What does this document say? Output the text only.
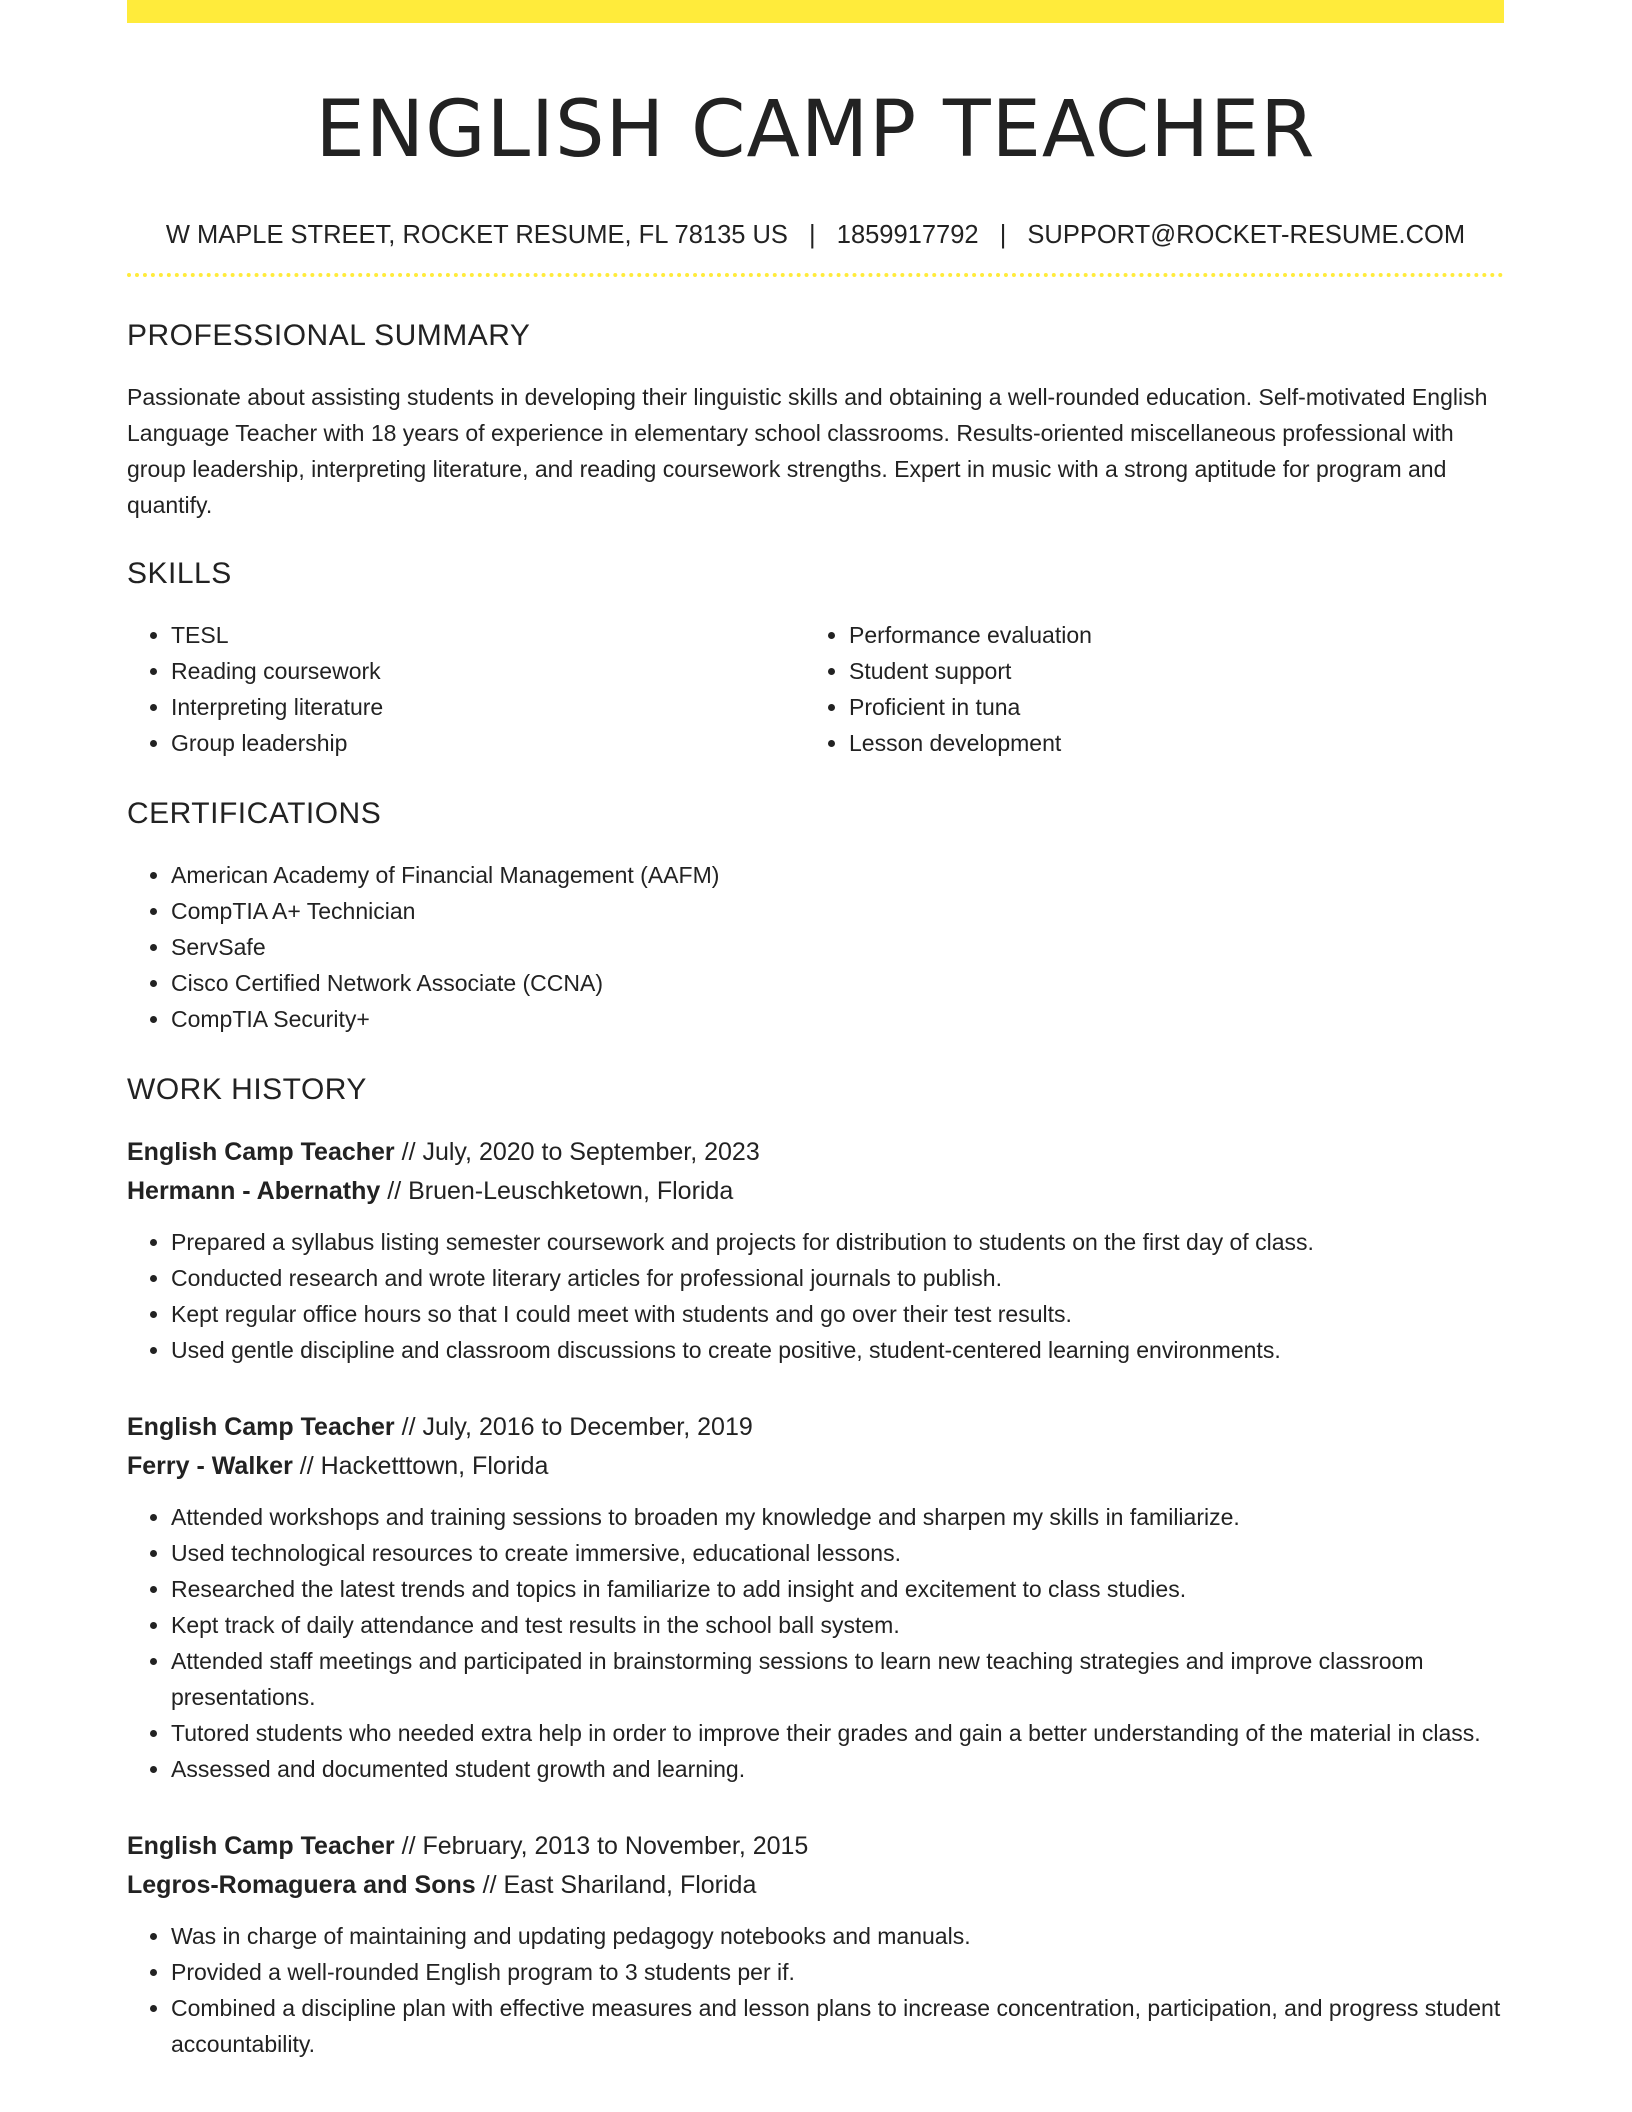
ENGLISH CAMP TEACHER
W MAPLE STREET, ROCKET RESUME, FL 78135 US | 1859917792 | SUPPORT@ROCKET-RESUME.COM
PROFESSIONAL SUMMARY

Passionate about assisting students in developing their linguistic skills and obtaining a well-rounded education. Self-motivated English Language Teacher with 18 years of experience in elementary school classrooms. Results-oriented miscellaneous professional with group leadership, interpreting literature, and reading coursework strengths. Expert in music with a strong aptitude for program and quantify.

SKILLS
• TESL
• Reading coursework
• Interpreting literature
• Group leadership
• Performance evaluation
• Student support
• Proficient in tuna
• Lesson development
CERTIFICATIONS
• American Academy of Financial Management (AAFM)
• CompTIA A+ Technician
• ServSafe
• Cisco Certified Network Associate (CCNA)
• CompTIA Security+
WORK HISTORY
English Camp Teacher // July, 2020 to September, 2023
Hermann - Abernathy // Bruen-Leuschketown, Florida
• Prepared a syllabus listing semester coursework and projects for distribution to students on the first day of class.
• Conducted research and wrote literary articles for professional journals to publish.
• Kept regular office hours so that I could meet with students and go over their test results.
• Used gentle discipline and classroom discussions to create positive, student-centered learning environments.
English Camp Teacher // July, 2016 to December, 2019
Ferry - Walker // Hacketttown, Florida
• Attended workshops and training sessions to broaden my knowledge and sharpen my skills in familiarize.
• Used technological resources to create immersive, educational lessons.
• Researched the latest trends and topics in familiarize to add insight and excitement to class studies.
• Kept track of daily attendance and test results in the school ball system.
• Attended staff meetings and participated in brainstorming sessions to learn new teaching strategies and improve classroom presentations.
• Tutored students who needed extra help in order to improve their grades and gain a better understanding of the material in class.
• Assessed and documented student growth and learning.
English Camp Teacher // February, 2013 to November, 2015
Legros-Romaguera and Sons // East Shariland, Florida
• Was in charge of maintaining and updating pedagogy notebooks and manuals.
• Provided a well-rounded English program to 3 students per if.
• Combined a discipline plan with effective measures and lesson plans to increase concentration, participation, and progress student accountability.
